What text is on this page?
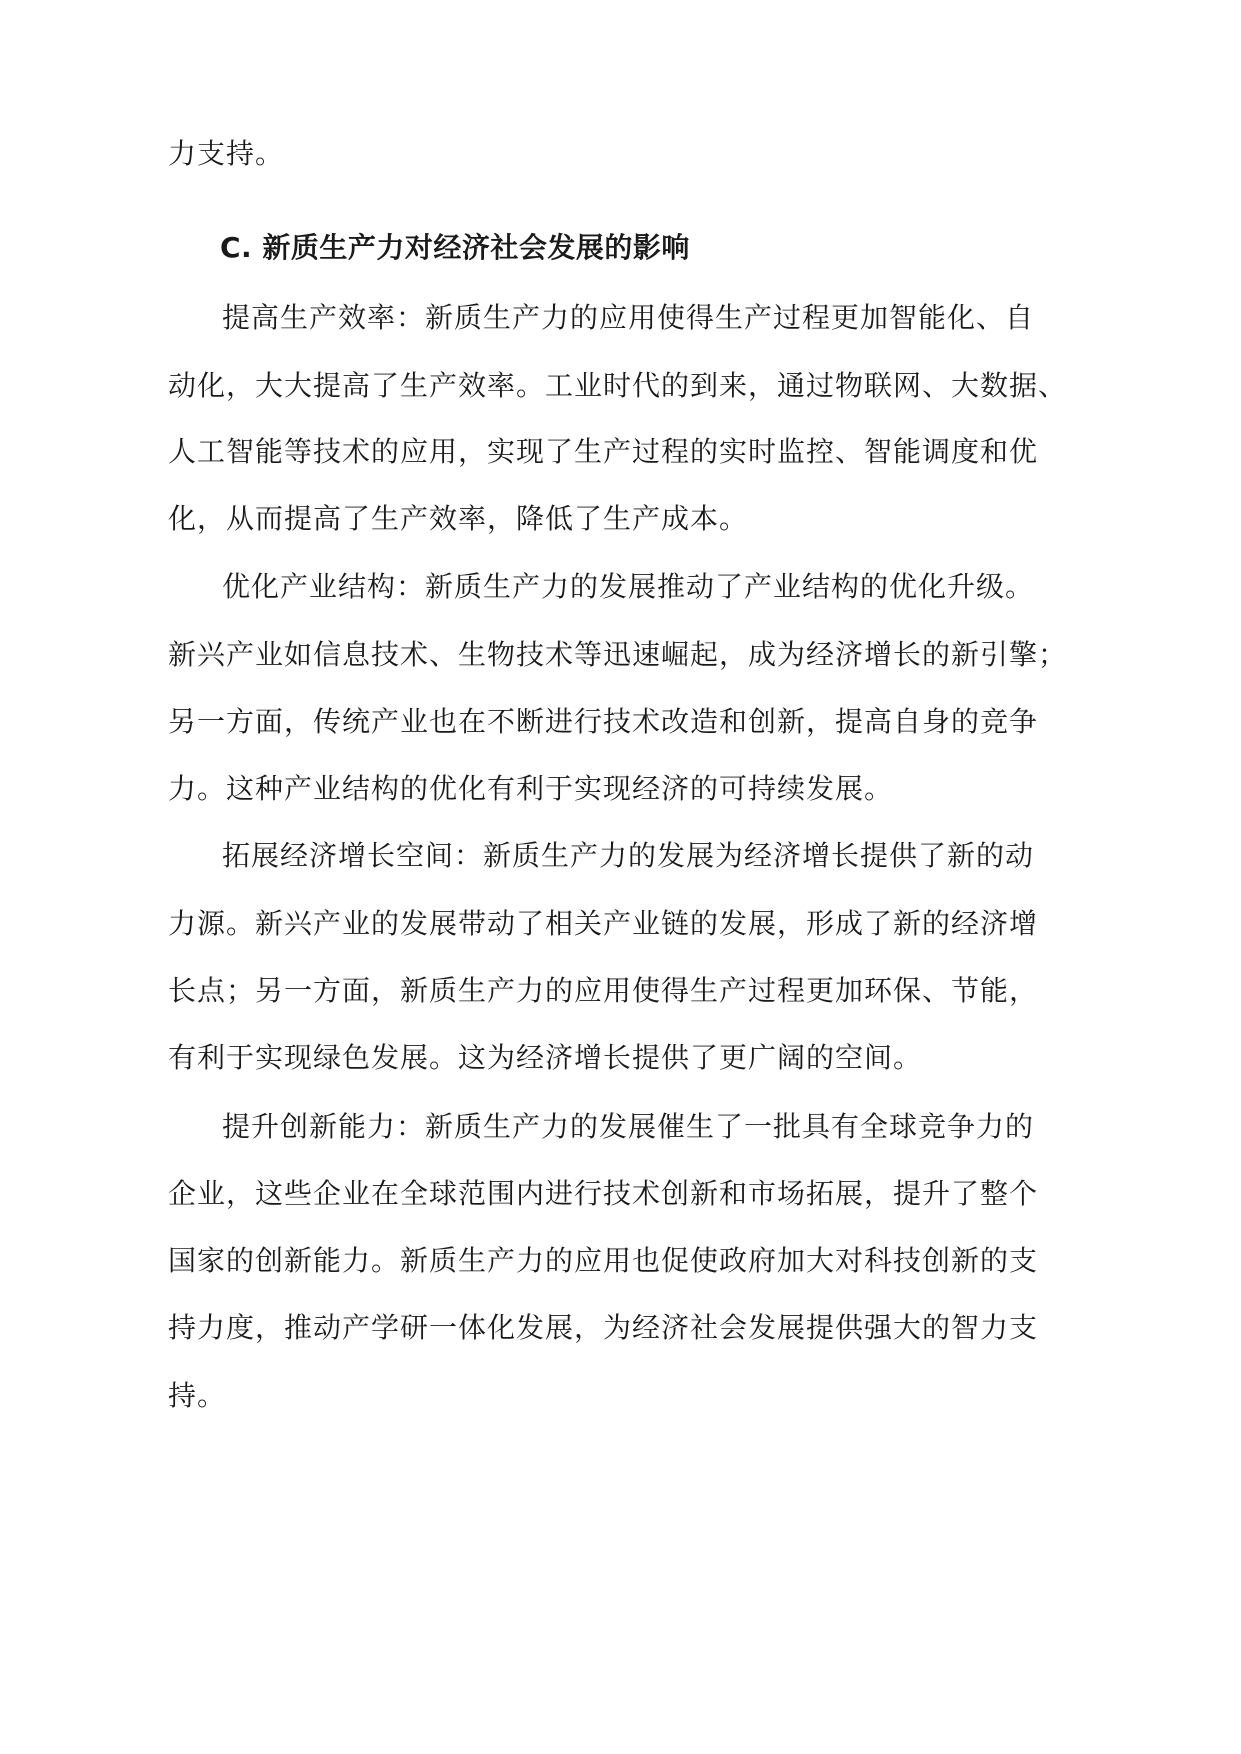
力支持。
C. 新质生产力对经济社会发展的影响
提高生产效率：新质生产力的应用使得生产过程更加智能化、自
动化，大大提高了生产效率。工业时代的到来，通过物联网、大数据、
人工智能等技术的应用，实现了生产过程的实时监控、智能调度和优
化，从而提高了生产效率，降低了生产成本。
优化产业结构：新质生产力的发展推动了产业结构的优化升级。
新兴产业如信息技术、生物技术等迅速崛起，成为经济增长的新引擎；
另一方面，传统产业也在不断进行技术改造和创新，提高自身的竞争
力。这种产业结构的优化有利于实现经济的可持续发展。
拓展经济增长空间：新质生产力的发展为经济增长提供了新的动
力源。新兴产业的发展带动了相关产业链的发展，形成了新的经济增
长点；另一方面，新质生产力的应用使得生产过程更加环保、节能，
有利于实现绿色发展。这为经济增长提供了更广阔的空间。
提升创新能力：新质生产力的发展催生了一批具有全球竞争力的
企业，这些企业在全球范围内进行技术创新和市场拓展，提升了整个
国家的创新能力。新质生产力的应用也促使政府加大对科技创新的支
持力度，推动产学研一体化发展，为经济社会发展提供强大的智力支
持。
